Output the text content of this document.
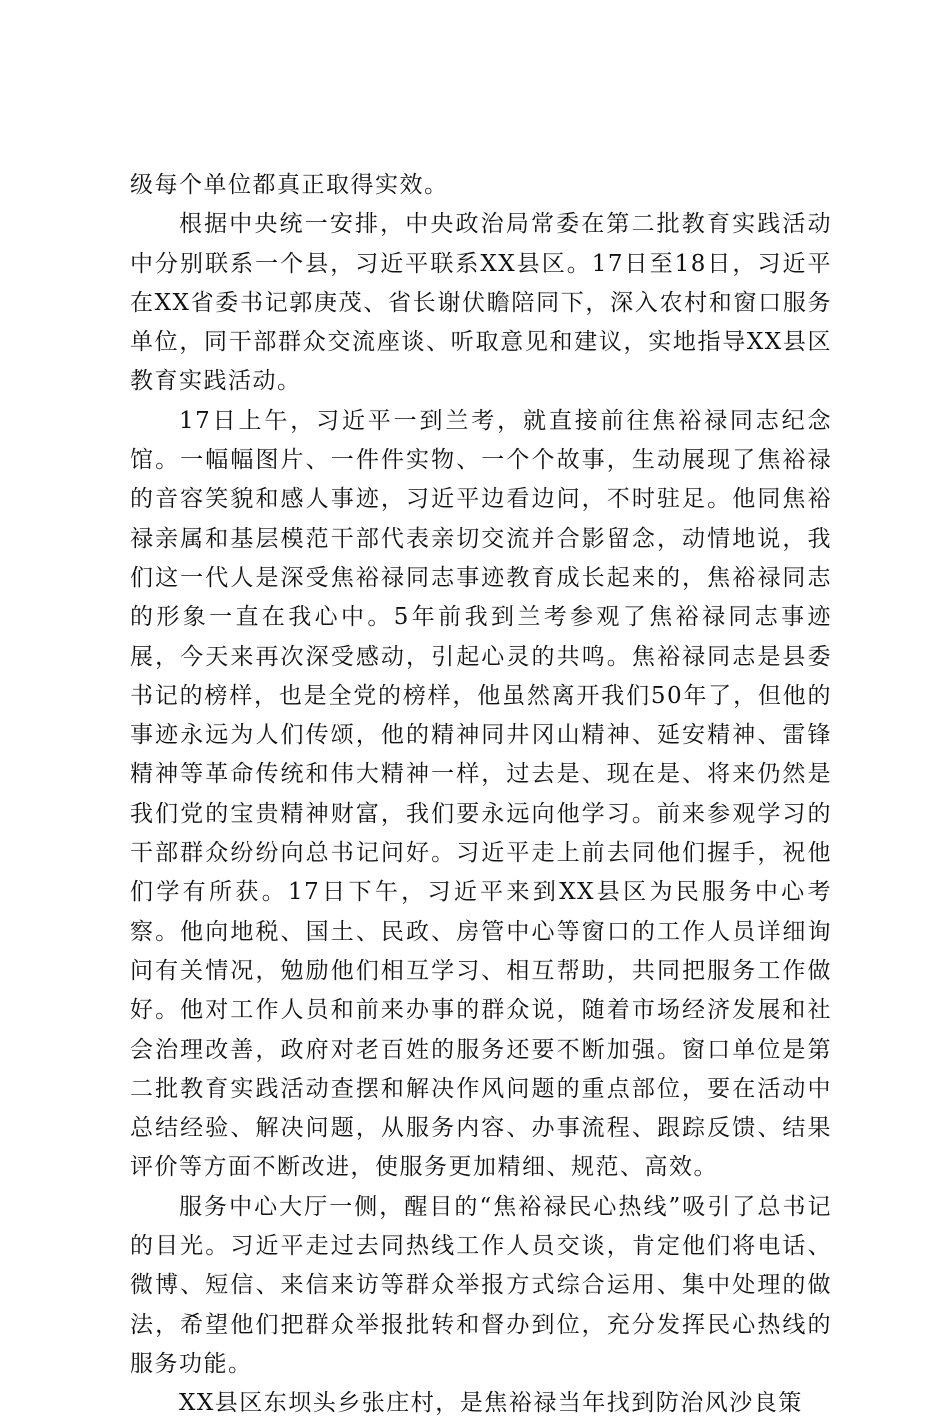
级每个单位都真正取得实效。

根据中央统一安排，中央政治局常委在第二批教育实践活动中分别联系一个县，习近平联系XX县区。17日至18日，习近平在XX省委书记郭庚茂、省长谢伏瞻陪同下，深入农村和窗口服务单位，同干部群众交流座谈、听取意见和建议，实地指导XX县区教育实践活动。

17日上午，习近平一到兰考，就直接前往焦裕禄同志纪念馆。一幅幅图片、一件件实物、一个个故事，生动展现了焦裕禄的音容笑貌和感人事迹，习近平边看边问，不时驻足。他同焦裕禄亲属和基层模范干部代表亲切交流并合影留念，动情地说，我们这一代人是深受焦裕禄同志事迹教育成长起来的，焦裕禄同志的形象一直在我心中。5年前我到兰考参观了焦裕禄同志事迹展，今天来再次深受感动，引起心灵的共鸣。焦裕禄同志是县委书记的榜样，也是全党的榜样，他虽然离开我们50年了，但他的事迹永远为人们传颂，他的精神同井冈山精神、延安精神、雷锋精神等革命传统和伟大精神一样，过去是、现在是、将来仍然是我们党的宝贵精神财富，我们要永远向他学习。前来参观学习的干部群众纷纷向总书记问好。习近平走上前去同他们握手，祝他们学有所获。17日下午，习近平来到XX县区为民服务中心考察。他向地税、国土、民政、房管中心等窗口的工作人员详细询问有关情况，勉励他们相互学习、相互帮助，共同把服务工作做好。他对工作人员和前来办事的群众说，随着市场经济发展和社会治理改善，政府对老百姓的服务还要不断加强。窗口单位是第二批教育实践活动查摆和解决作风问题的重点部位，要在活动中总结经验、解决问题，从服务内容、办事流程、跟踪反馈、结果评价等方面不断改进，使服务更加精细、规范、高效。

服务中心大厅一侧，醒目的“焦裕禄民心热线”吸引了总书记的目光。习近平走过去同热线工作人员交谈，肯定他们将电话、微博、短信、来信来访等群众举报方式综合运用、集中处理的做法，希望他们把群众举报批转和督办到位，充分发挥民心热线的服务功能。

XX县区东坝头乡张庄村，是焦裕禄当年找到防治风沙良策
